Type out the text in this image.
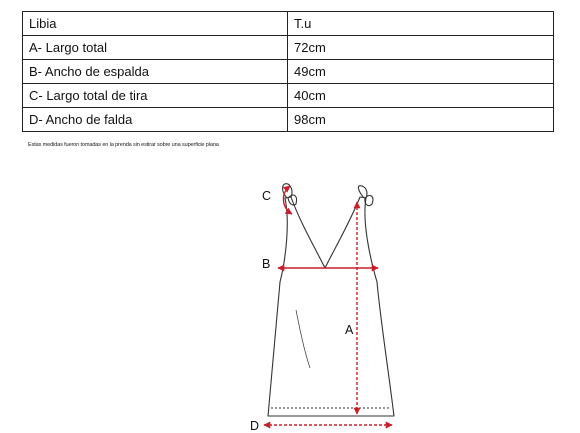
Libia	T.u
A- Largo total	72cm
B- Ancho de espalda	49cm
C- Largo total de tira	40cm
D- Ancho de falda	98cm
Estas medidas fueron tomadas en la prenda sin estirar sobre una superficie plana
C
B
A
D
